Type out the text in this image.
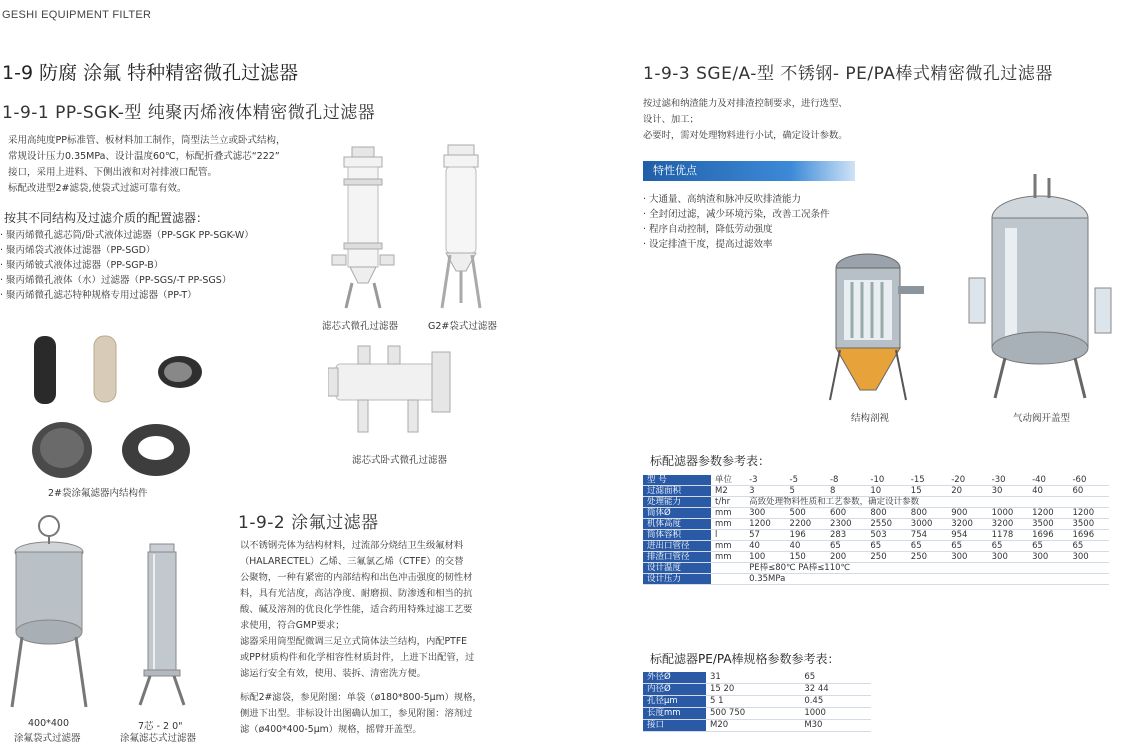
GESHI EQUIPMENT FILTER
1-9 防腐 涂氟 特种精密微孔过滤器
1-9-1 PP-SGK-型 纯聚丙烯液体精密微孔过滤器

采用高纯度PP标准管、板材料加工制作，筒型法兰立或卧式结构，

常规设计压力0.35MPa、设计温度60℃，标配折叠式滤芯“222”

接口，采用上进料、下侧出液和对衬排液口配管。

标配改进型2#滤袋,使袋式过滤可靠有效。

按其不同结构及过滤介质的配置滤器：
· 聚丙烯微孔滤芯筒/卧式液体过滤器（PP-SGK PP-SGK-W）
· 聚丙烯袋式液体过滤器（PP-SGD）
· 聚丙烯铍式液体过滤器（PP-SGP-B）
· 聚丙烯微孔液体（水）过滤器（PP-SGS/-T PP-SGS）
· 聚丙烯微孔滤芯特种规格专用过滤器（PP-T）
滤芯式微孔过滤器	G2#袋式过滤器
滤芯式卧式微孔过滤器
2#袋涂氟滤器内结构件
400*400
涂氟袋式过滤器
7芯 - 2 0"
涂氟滤芯式过滤器
1-9-2 涂氟过滤器

以不锈钢壳体为结构材料，过流部分烧结卫生级氟材料

（HALARECTEL）乙烯、三氟氯乙烯（CTFE）的交替

公聚物，一种有紧密的内部结构和出色冲击强度的韧性材

料，具有光洁度，高洁净度、耐磨损、防渗透和相当的抗

酸、碱及溶剂的优良化学性能，适合药用特殊过滤工艺要

求使用，符合GMP要求；

滤器采用筒型配微调三足立式筒体法兰结构，内配PTFE

或PP材质构件和化学相容性材质封件，上进下出配管，过

滤运行安全有效，使用、装拆、清密洗方便。

标配2#滤袋，参见附图：单袋（ø180*800-5μm）规格，

侧进下出型。非标设计出图确认加工，参见附图：溶剂过

滤（ø400*400-5μm）规格，摇臂开盖型。

1-9-3 SGE/A-型 不锈钢- PE/PA棒式精密微孔过滤器

按过滤和纳渣能力及对排渣控制要求，进行选型、

设计、加工；

必要时，需对处理物料进行小试，确定设计参数。

特性优点
· 大通量、高纳渣和脉冲反吹排渣能力
· 全封闭过滤，减少环境污染，改善工况条件
· 程序自动控制，降低劳动强度
· 设定排渣干度，提高过滤效率
结构剖视	气动阀开盖型
标配滤器参数参考表：
型 号	单位	-3	-5	-8	-10	-15	-20	-30	-40	-60
过滤面积	M2	3	5	8	10	15	20	30	40	60
处理能力	t/hr	高致处理物料性质和工艺参数，确定设计参数								
筒体Ø	mm	300	500	600	800	800	900	1000	1200	1200
机体高度	mm	1200	2200	2300	2550	3000	3200	3200	3500	3500
筒体容积	l	57	196	283	503	754	954	1178	1696	1696
进出口管径	mm	40	40	65	65	65	65	65	65	65
排渣口管径	mm	100	150	200	250	250	300	300	300	300
设计温度		PE棒≤80℃ PA棒≤110℃								
设计压力		0.35MPa								
标配滤器PE/PA棒规格参数参考表：
外径Ø	31	65
内径Ø	15 20	32 44
孔径μm	5 1	0.45
长度mm	500 750	1000
接口	M20	M30
